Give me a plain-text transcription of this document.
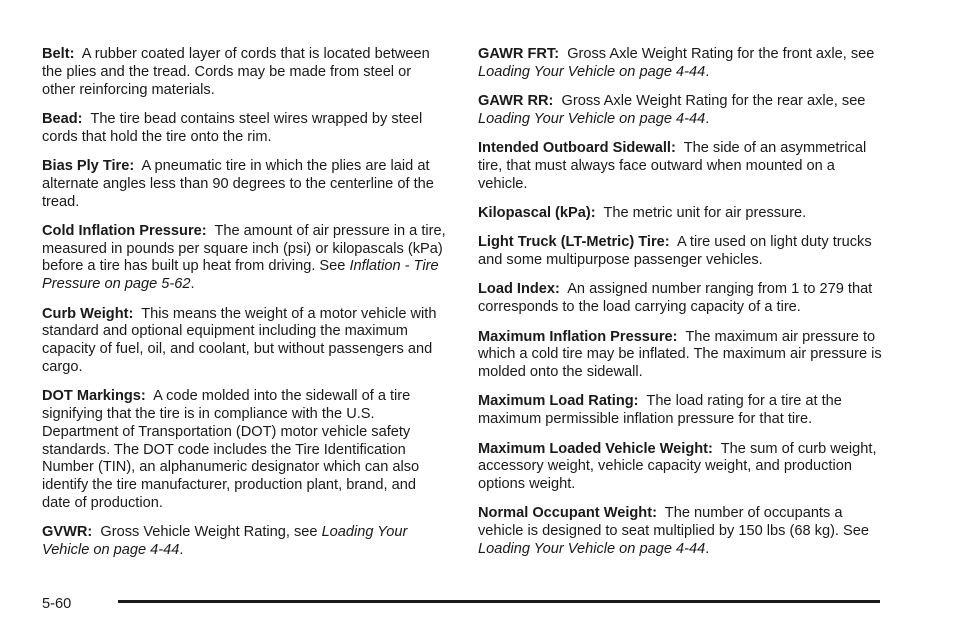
Belt: A rubber coated layer of cords that is located between the plies and the tread. Cords may be made from steel or other reinforcing materials.

Bead: The tire bead contains steel wires wrapped by steel cords that hold the tire onto the rim.

Bias Ply Tire: A pneumatic tire in which the plies are laid at alternate angles less than 90 degrees to the centerline of the tread.

Cold Inflation Pressure: The amount of air pressure in a tire, measured in pounds per square inch (psi) or kilopascals (kPa) before a tire has built up heat from driving. See Inflation - Tire Pressure on page 5-62.

Curb Weight: This means the weight of a motor vehicle with standard and optional equipment including the maximum capacity of fuel, oil, and coolant, but without passengers and cargo.

DOT Markings: A code molded into the sidewall of a tire signifying that the tire is in compliance with the U.S. Department of Transportation (DOT) motor vehicle safety standards. The DOT code includes the Tire Identification Number (TIN), an alphanumeric designator which can also identify the tire manufacturer, production plant, brand, and date of production.

GVWR: Gross Vehicle Weight Rating, see Loading Your Vehicle on page 4-44.

GAWR FRT: Gross Axle Weight Rating for the front axle, see Loading Your Vehicle on page 4-44.

GAWR RR: Gross Axle Weight Rating for the rear axle, see Loading Your Vehicle on page 4-44.

Intended Outboard Sidewall: The side of an asymmetrical tire, that must always face outward when mounted on a vehicle.

Kilopascal (kPa): The metric unit for air pressure.

Light Truck (LT-Metric) Tire: A tire used on light duty trucks and some multipurpose passenger vehicles.

Load Index: An assigned number ranging from 1 to 279 that corresponds to the load carrying capacity of a tire.

Maximum Inflation Pressure: The maximum air pressure to which a cold tire may be inflated. The maximum air pressure is molded onto the sidewall.

Maximum Load Rating: The load rating for a tire at the maximum permissible inflation pressure for that tire.

Maximum Loaded Vehicle Weight: The sum of curb weight, accessory weight, vehicle capacity weight, and production options weight.

Normal Occupant Weight: The number of occupants a vehicle is designed to seat multiplied by 150 lbs (68 kg). See Loading Your Vehicle on page 4-44.

5-60
